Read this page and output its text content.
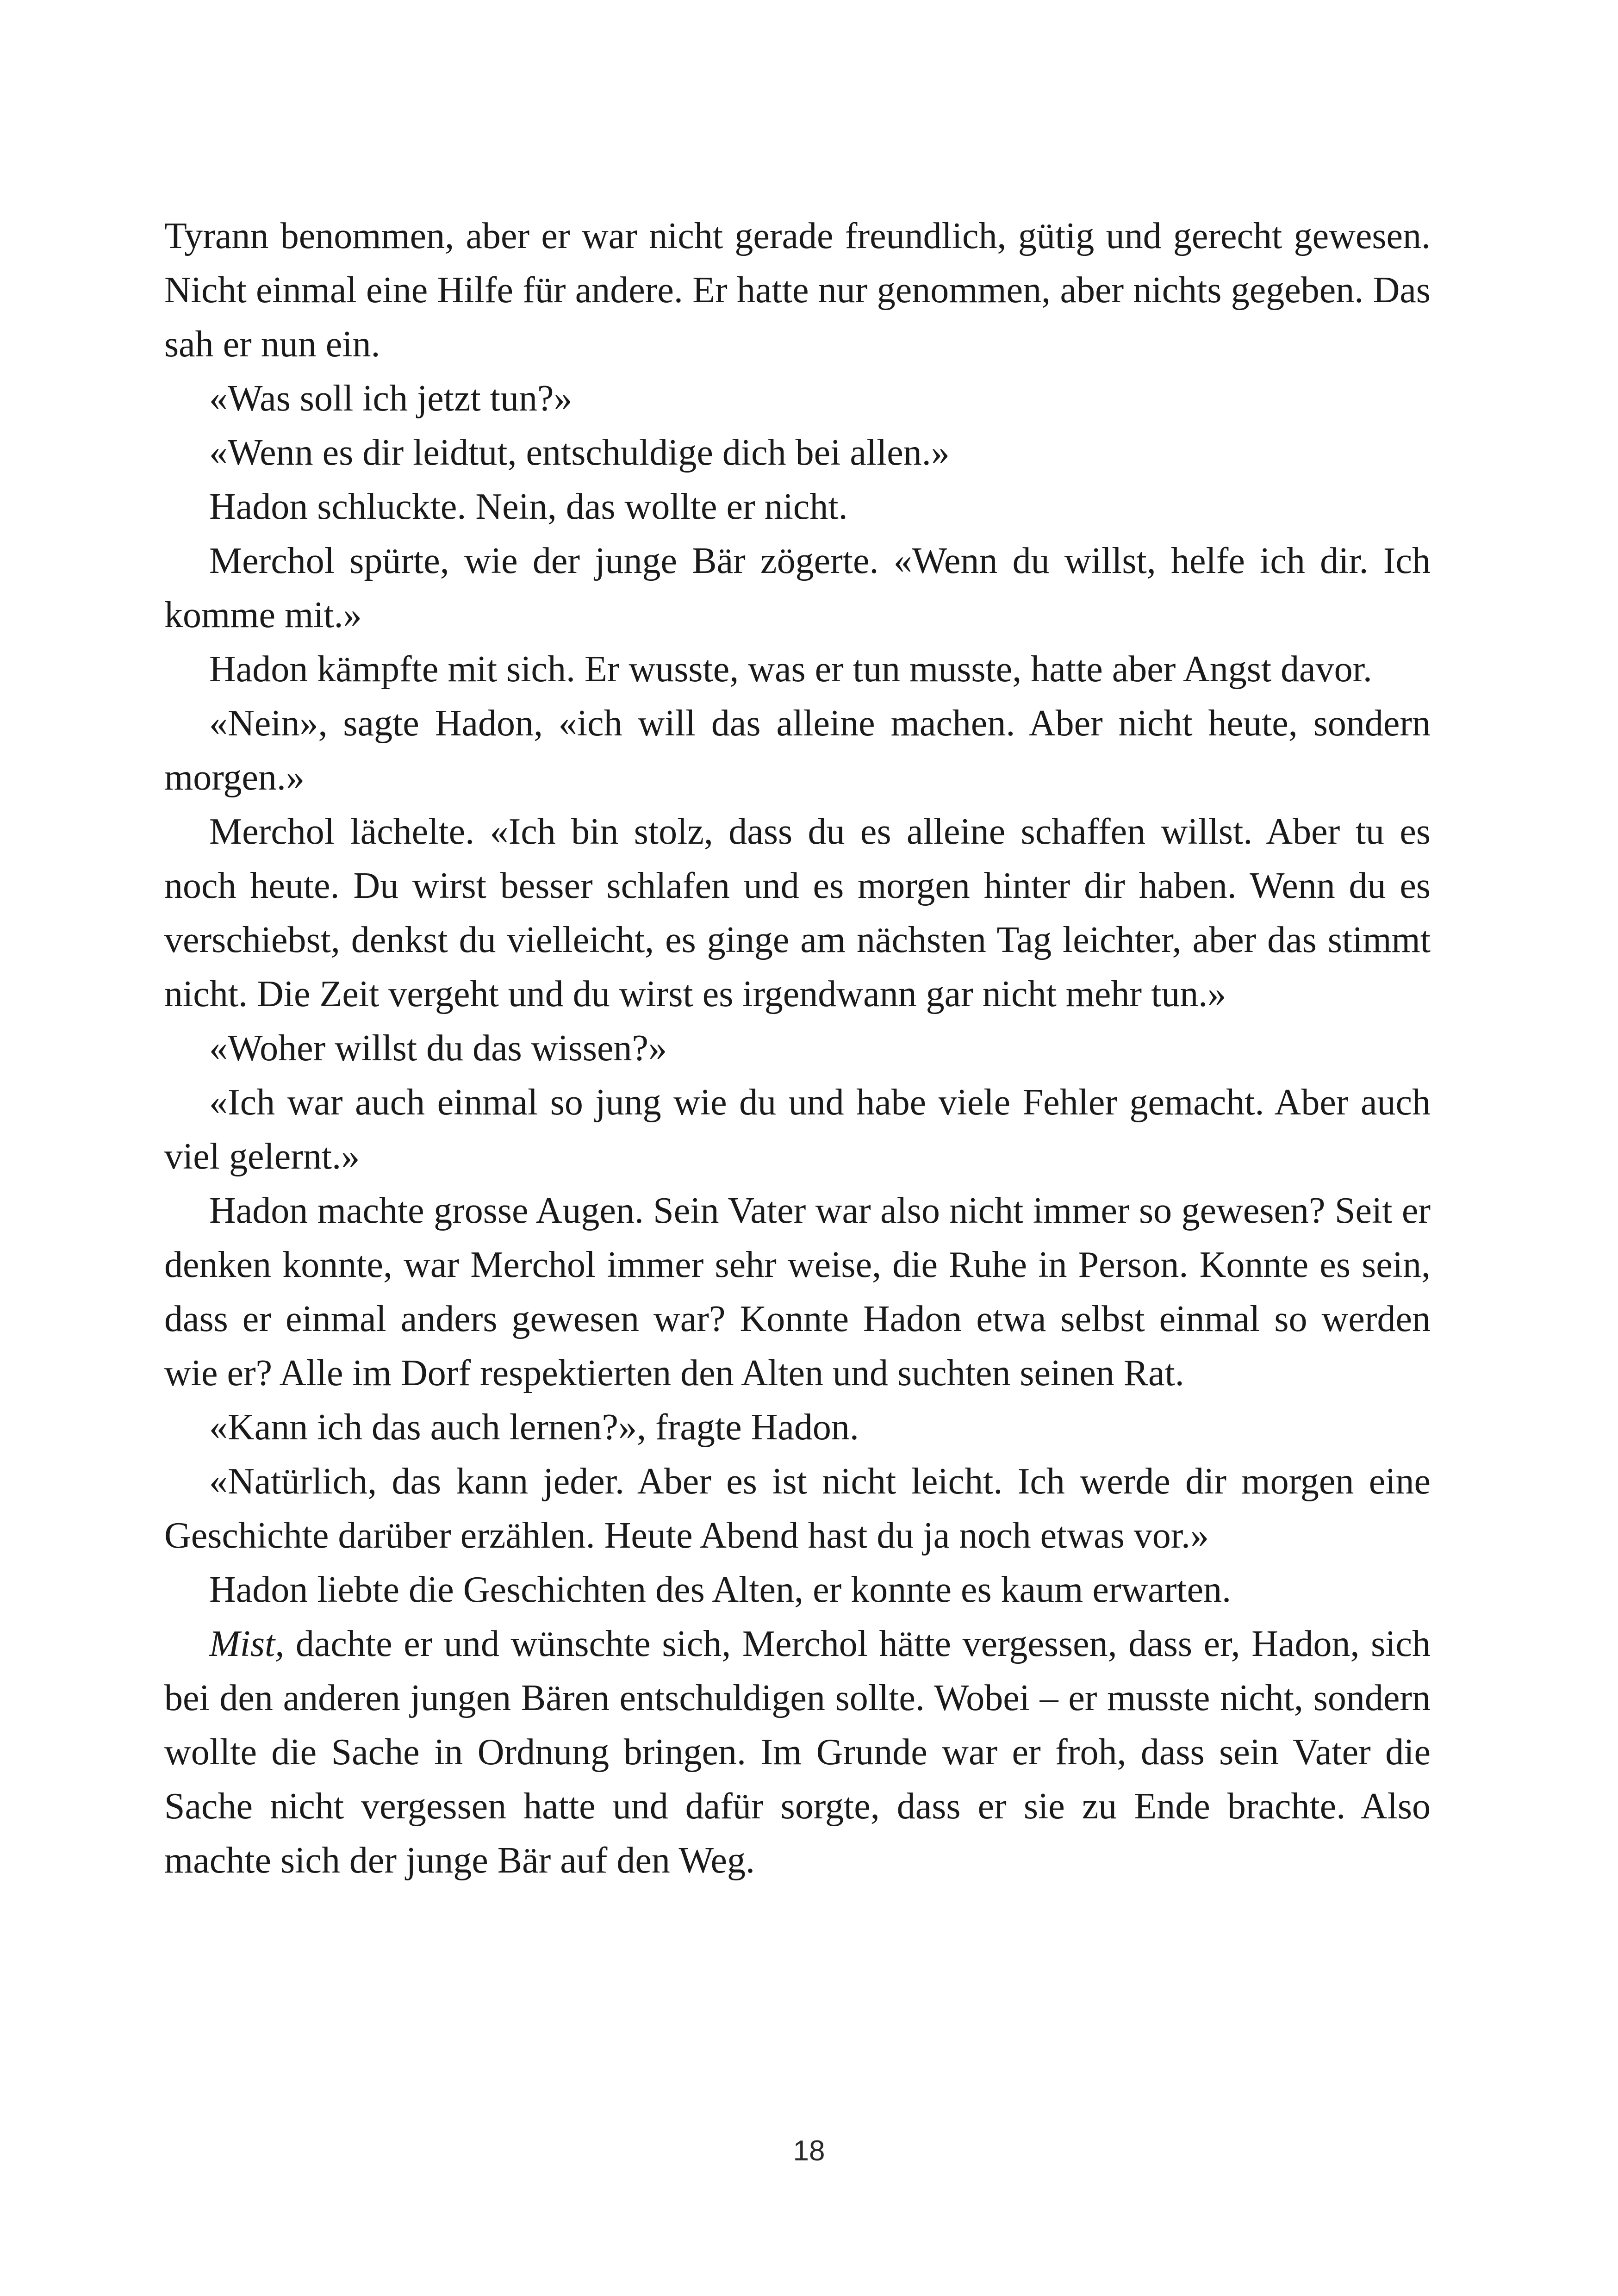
Tyrann benommen, aber er war nicht gerade freundlich, gütig und gerecht gewesen. Nicht einmal eine Hilfe für andere. Er hatte nur genommen, aber nichts gegeben. Das sah er nun ein.

«Was soll ich jetzt tun?»

«Wenn es dir leidtut, entschuldige dich bei allen.»

Hadon schluckte. Nein, das wollte er nicht.

Merchol spürte, wie der junge Bär zögerte. «Wenn du willst, helfe ich dir. Ich komme mit.»

Hadon kämpfte mit sich. Er wusste, was er tun musste, hatte aber Angst davor.

«Nein», sagte Hadon, «ich will das alleine machen. Aber nicht heute, sondern morgen.»

Merchol lächelte. «Ich bin stolz, dass du es alleine schaffen willst. Aber tu es noch heute. Du wirst besser schlafen und es morgen hinter dir haben. Wenn du es verschiebst, denkst du vielleicht, es ginge am nächsten Tag leichter, aber das stimmt nicht. Die Zeit vergeht und du wirst es irgendwann gar nicht mehr tun.»

«Woher willst du das wissen?»

«Ich war auch einmal so jung wie du und habe viele Fehler gemacht. Aber auch viel gelernt.»

Hadon machte grosse Augen. Sein Vater war also nicht immer so gewesen? Seit er denken konnte, war Merchol immer sehr weise, die Ruhe in Person. Konnte es sein, dass er einmal anders gewesen war? Konnte Hadon etwa selbst einmal so werden wie er? Alle im Dorf respektierten den Alten und suchten seinen Rat.

«Kann ich das auch lernen?», fragte Hadon.

«Natürlich, das kann jeder. Aber es ist nicht leicht. Ich werde dir morgen eine Geschichte darüber erzählen. Heute Abend hast du ja noch etwas vor.»

Hadon liebte die Geschichten des Alten, er konnte es kaum erwarten.

Mist, dachte er und wünschte sich, Merchol hätte vergessen, dass er, Hadon, sich bei den anderen jungen Bären entschuldigen sollte. Wobei – er musste nicht, sondern wollte die Sache in Ordnung bringen. Im Grunde war er froh, dass sein Vater die Sache nicht vergessen hatte und dafür sorgte, dass er sie zu Ende brachte. Also machte sich der junge Bär auf den Weg.

18
